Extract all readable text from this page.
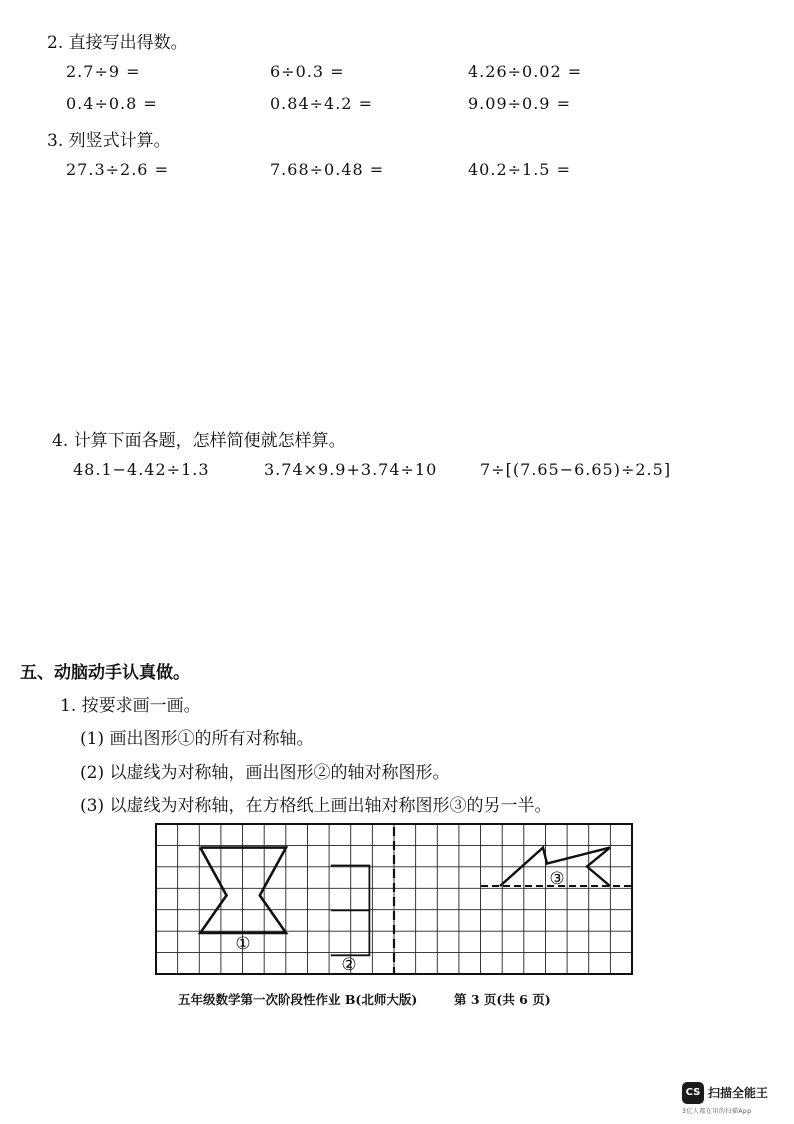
2. 直接写出得数。
2.7÷9 =	6÷0.3 =	4.26÷0.02 =
0.4÷0.8 =	0.84÷4.2 =	9.09÷0.9 =
3. 列竖式计算。
27.3÷2.6 =	7.68÷0.48 =	40.2÷1.5 =
4. 计算下面各题，怎样简便就怎样算。
48.1−4.42÷1.3	3.74×9.9+3.74÷10	7÷[(7.65−6.65)÷2.5]
五、动脑动手认真做。
1. 按要求画一画。
(1) 画出图形①的所有对称轴。
(2) 以虚线为对称轴，画出图形②的轴对称图形。
(3) 以虚线为对称轴，在方格纸上画出轴对称图形③的另一半。
①
②
③
五年级数学第一次阶段性作业 B(北师大版)	第 3 页(共 6 页)
CS 扫描全能王
3亿人都在用的扫描App
